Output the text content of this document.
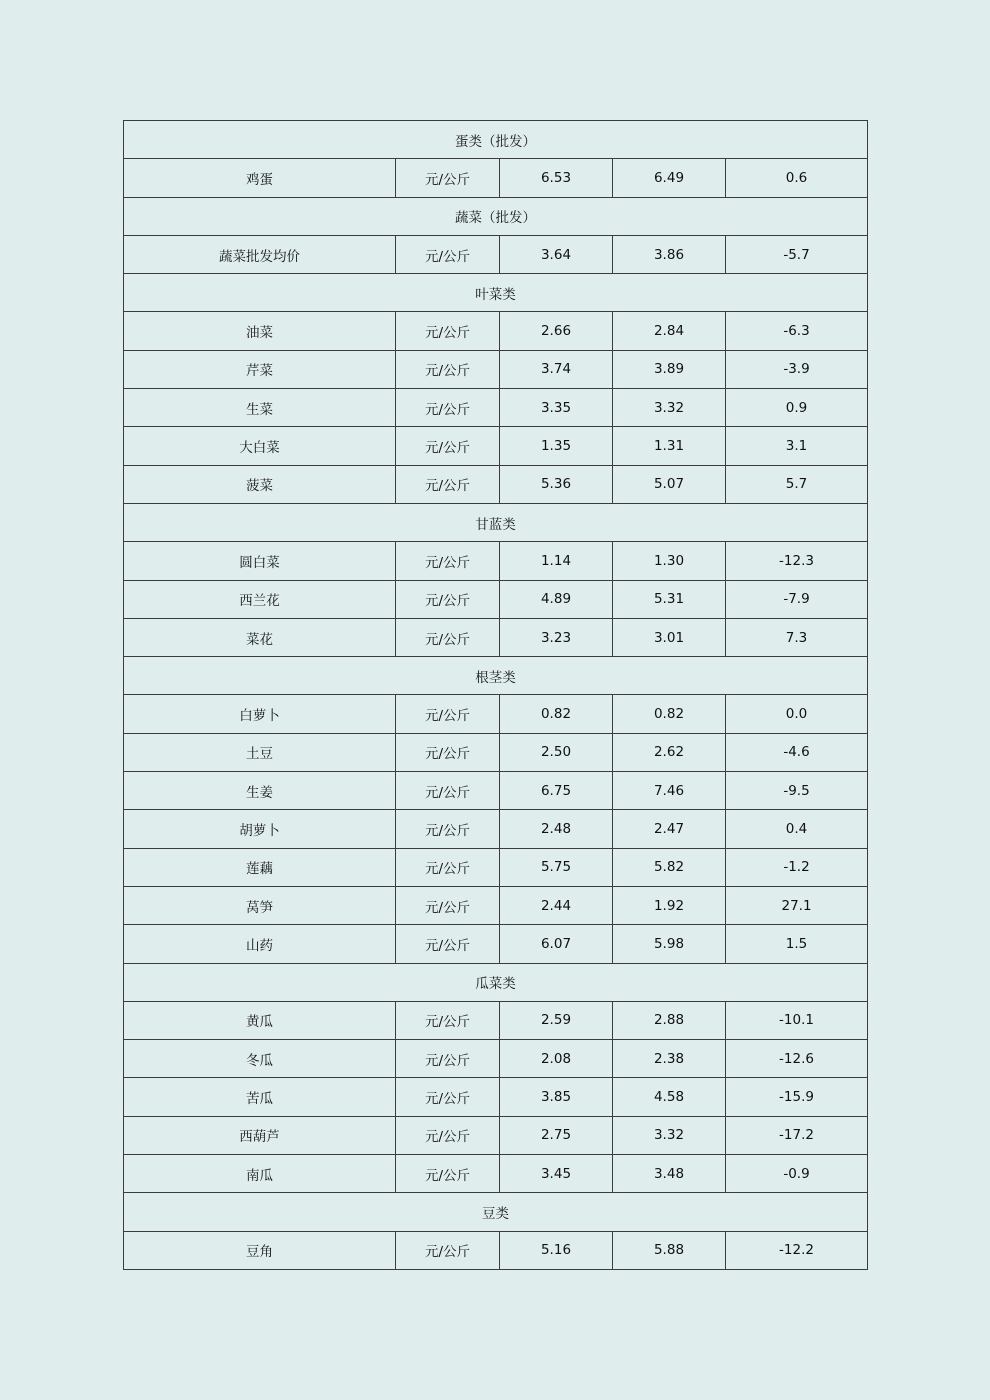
蛋类（批发）				
鸡蛋	元/公斤	6.53	6.49	0.6
蔬菜（批发）				
蔬菜批发均价	元/公斤	3.64	3.86	-5.7
叶菜类				
油菜	元/公斤	2.66	2.84	-6.3
芹菜	元/公斤	3.74	3.89	-3.9
生菜	元/公斤	3.35	3.32	0.9
大白菜	元/公斤	1.35	1.31	3.1
菠菜	元/公斤	5.36	5.07	5.7
甘蓝类				
圆白菜	元/公斤	1.14	1.30	-12.3
西兰花	元/公斤	4.89	5.31	-7.9
菜花	元/公斤	3.23	3.01	7.3
根茎类				
白萝卜	元/公斤	0.82	0.82	0.0
土豆	元/公斤	2.50	2.62	-4.6
生姜	元/公斤	6.75	7.46	-9.5
胡萝卜	元/公斤	2.48	2.47	0.4
莲藕	元/公斤	5.75	5.82	-1.2
莴笋	元/公斤	2.44	1.92	27.1
山药	元/公斤	6.07	5.98	1.5
瓜菜类				
黄瓜	元/公斤	2.59	2.88	-10.1
冬瓜	元/公斤	2.08	2.38	-12.6
苦瓜	元/公斤	3.85	4.58	-15.9
西葫芦	元/公斤	2.75	3.32	-17.2
南瓜	元/公斤	3.45	3.48	-0.9
豆类				
豆角	元/公斤	5.16	5.88	-12.2
